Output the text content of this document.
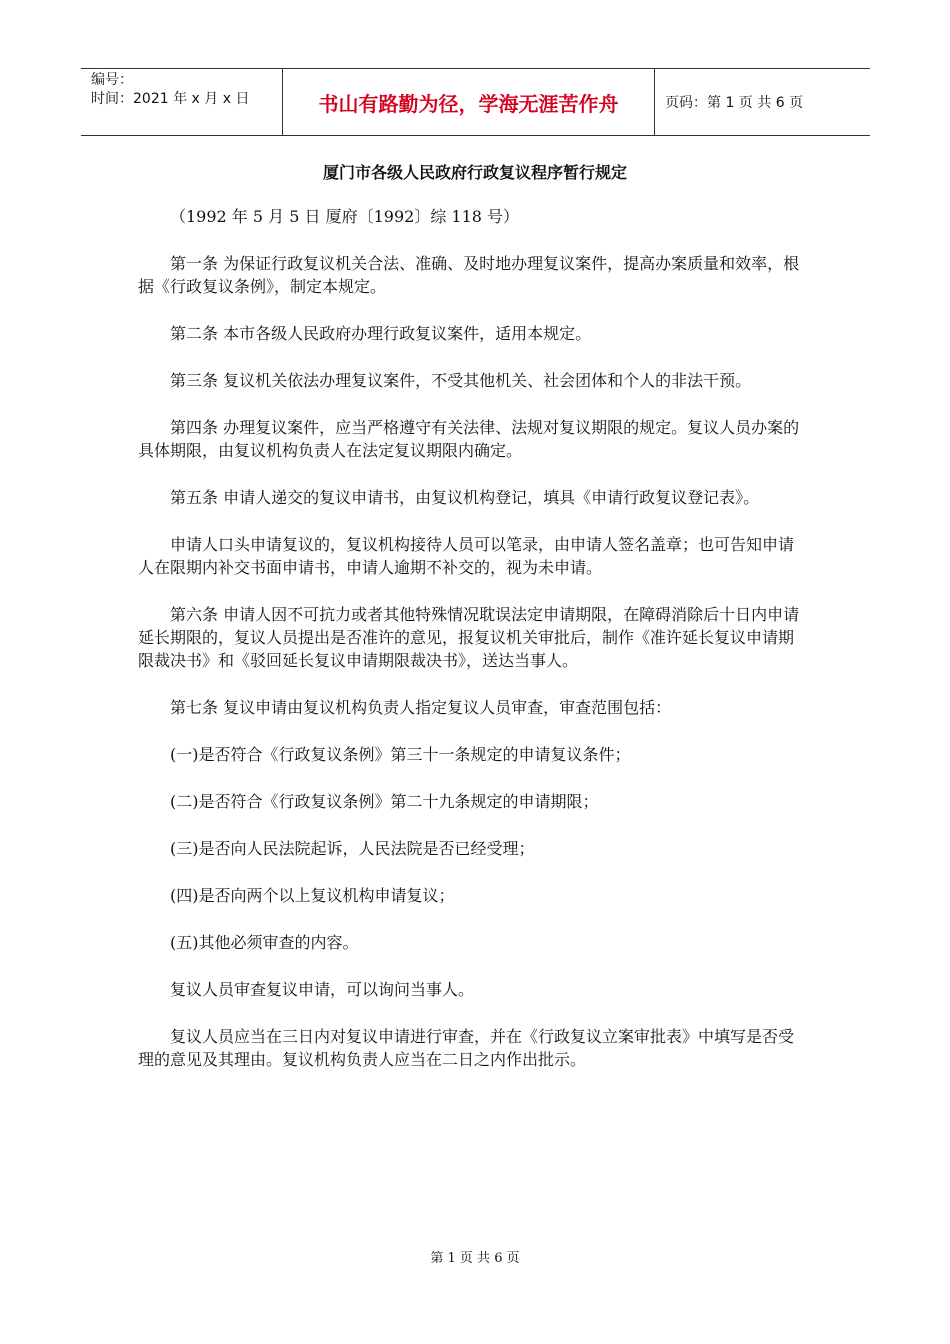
编号：
时间：2021 年 x 月 x 日	书山有路勤为径，学海无涯苦作舟	页码：第 1 页 共 6 页
厦门市各级人民政府行政复议程序暂行规定

（1992 年 5 月 5 日 厦府〔1992〕综 118 号）

第一条 为保证行政复议机关合法、准确、及时地办理复议案件，提高办案质量和效率，根据《行政复议条例》，制定本规定。

第二条 本市各级人民政府办理行政复议案件，适用本规定。

第三条 复议机关依法办理复议案件，不受其他机关、社会团体和个人的非法干预。

第四条 办理复议案件，应当严格遵守有关法律、法规对复议期限的规定。复议人员办案的具体期限，由复议机构负责人在法定复议期限内确定。

第五条 申请人递交的复议申请书，由复议机构登记，填具《申请行政复议登记表》。

申请人口头申请复议的，复议机构接待人员可以笔录，由申请人签名盖章；也可告知申请人在限期内补交书面申请书，申请人逾期不补交的，视为未申请。

第六条 申请人因不可抗力或者其他特殊情况耽误法定申请期限，在障碍消除后十日内申请延长期限的，复议人员提出是否准许的意见，报复议机关审批后，制作《准许延长复议申请期限裁决书》和《驳回延长复议申请期限裁决书》，送达当事人。

第七条 复议申请由复议机构负责人指定复议人员审查，审查范围包括：

(一)是否符合《行政复议条例》第三十一条规定的申请复议条件；

(二)是否符合《行政复议条例》第二十九条规定的申请期限；

(三)是否向人民法院起诉，人民法院是否已经受理；

(四)是否向两个以上复议机构申请复议；

(五)其他必须审查的内容。

复议人员审查复议申请，可以询问当事人。

复议人员应当在三日内对复议申请进行审查，并在《行政复议立案审批表》中填写是否受理的意见及其理由。复议机构负责人应当在二日之内作出批示。

第 1 页 共 6 页
